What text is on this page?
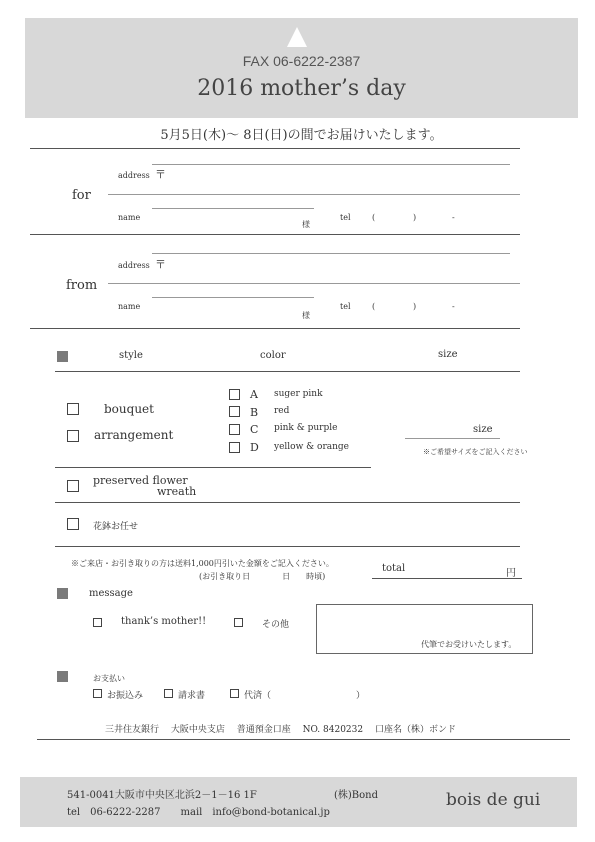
FAX 06-6222-2387
2016 mother’s day
5月5日(木)～ 8日(日)の間でお届けいたします。
for
address 〒
name
様
tel	(	)	-
from
address 〒
name
様
tel	(	)	-
style	color	size
bouquet
arrangement
A suger pink
B red
C pink & purple
D yellow & orange
size
※ご希望サイズをご記入ください
preserved flower
wreath
花鉢お任せ
※ご来店・お引き取りの方は送料1,000円引いた金額をご記入ください。
(お引き取り日　　　　日　　時頃)
total	円
message
thank’s mother!!	その他
代筆でお受けいたします。
お支払い
お振込み	請求書	代済（	）
三井住友銀行　 大阪中央支店　 普通預金口座　 NO. 8420232　 口座名（株）ボンド
541-0041大阪市中央区北浜2－1－16 1F	(株)Bond
tel　06-6222-2287　　mail　info@bond-botanical.jp
bois de gui
